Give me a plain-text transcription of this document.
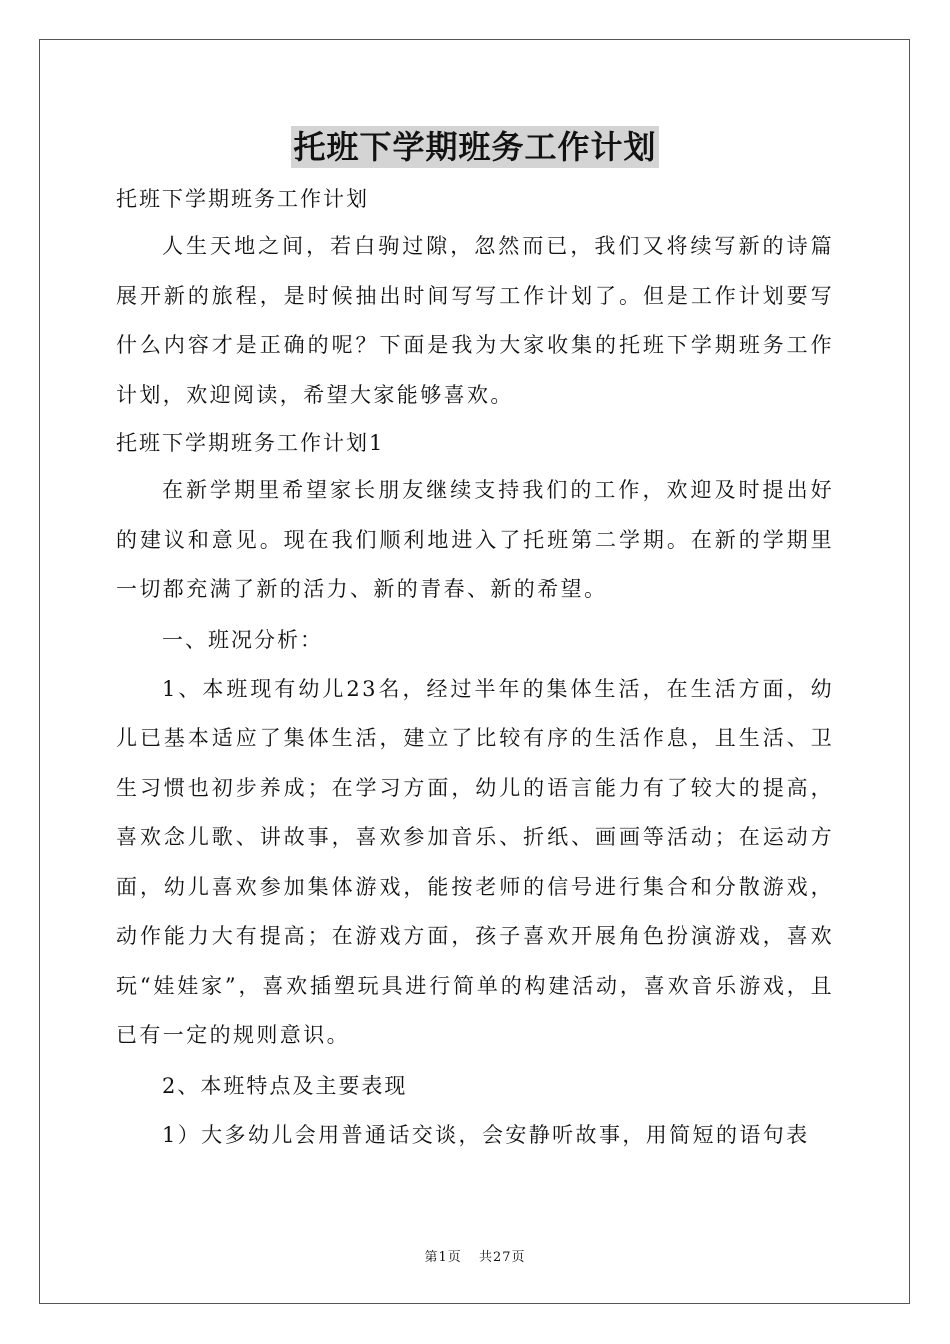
托班下学期班务工作计划
托班下学期班务工作计划

人生天地之间，若白驹过隙，忽然而已，我们又将续写新的诗篇展开新的旅程，是时候抽出时间写写工作计划了。但是工作计划要写什么内容才是正确的呢？下面是我为大家收集的托班下学期班务工作计划，欢迎阅读，希望大家能够喜欢。

托班下学期班务工作计划1

在新学期里希望家长朋友继续支持我们的工作，欢迎及时提出好的建议和意见。现在我们顺利地进入了托班第二学期。在新的学期里一切都充满了新的活力、新的青春、新的希望。

一、班况分析：

1、本班现有幼儿23名，经过半年的集体生活，在生活方面，幼儿已基本适应了集体生活，建立了比较有序的生活作息，且生活、卫生习惯也初步养成；在学习方面，幼儿的语言能力有了较大的提高，喜欢念儿歌、讲故事，喜欢参加音乐、折纸、画画等活动；在运动方面，幼儿喜欢参加集体游戏，能按老师的信号进行集合和分散游戏，动作能力大有提高；在游戏方面，孩子喜欢开展角色扮演游戏，喜欢玩“娃娃家”，喜欢插塑玩具进行简单的构建活动，喜欢音乐游戏，且已有一定的规则意识。

2、本班特点及主要表现

1）大多幼儿会用普通话交谈，会安静听故事，用简短的语句表

第1页 共27页
